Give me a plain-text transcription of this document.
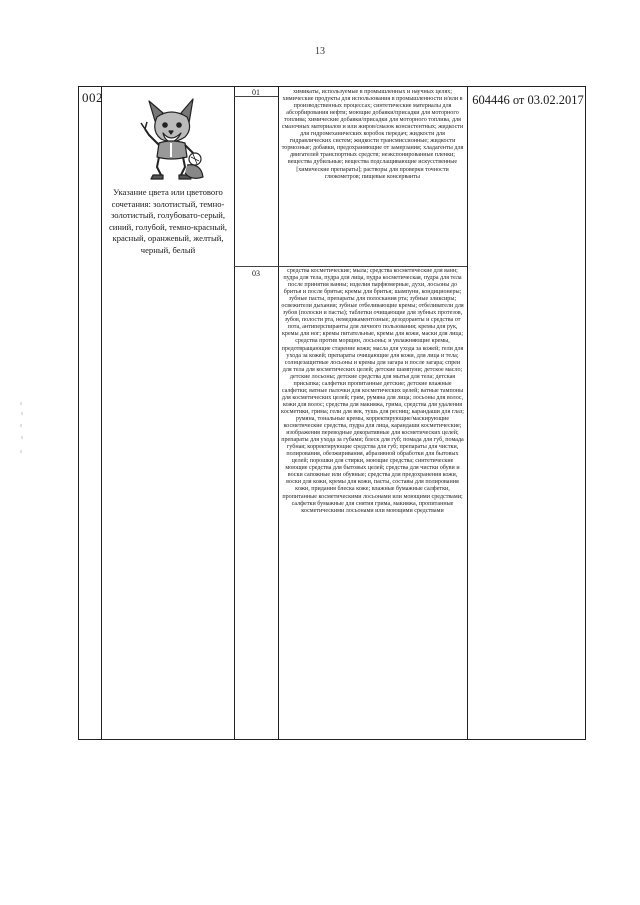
13
002
Указание цвета или цветового сочетания: золотистый, темно-золотистый, голубовато-серый, синий, голубой, темно-красный, красный, оранжевый, желтый, черный, белый
01
03
химикаты, используемые в промышленных и научных целях; химические продукты для использования в промышленности и/или в производственных процессах; синтетические материалы для абсорбирования нефти; моющие добавки/присадки для моторного топлива; химические добавки/присадки для моторного топлива, для смазочных материалов и или жиров/смазок консистентных; жидкости для гидромеханических коробок передач; жидкости для гидравлических систем; жидкости трансмиссионные; жидкости тормозные; добавки, предохраняющие от замерзания; хладагенты для двигателей транспортных средств; неэкспонированные пленки; вещества дубильные; вещества подслащивающие искусственные [химические препараты]; растворы для проверки точности глюкометров; пищевые консерванты
средства косметические; мыла; средства косметические для ванн; пудра для тела, пудра для лица, пудра косметическая, пудра для тела после принятия ванны; изделия парфюмерные, духи, лосьоны до бритья и после бритья; кремы для бритья; шампуни, кондиционеры; зубные пасты, препараты для полоскания рта; зубные эликсиры; освежители дыхания; зубные отбеливающие кремы; отбеливатели для зубов (полоски и пасты); таблетки очищающие для зубных протезов, зубов, полости рта, немедикаментозные; дезодоранты и средства от пота, антиперспиранты для личного пользования; кремы для рук, кремы для ног; кремы питательные, кремы для кожи, маски для лица; средства против морщин, лосьоны; и увлажняющие кремы, предотвращающие старение кожи; масла для ухода за кожей; гели для ухода за кожей; препараты очищающие для кожи, для лица и тела; солнцезащитные лосьоны и кремы для загара и после загара; спреи для тела для косметических целей; детские шампуни; детское масло; детские лосьоны; детские средства для мытья для тела; детская присыпка; салфетки пропитанные детские; детские влажные салфетки; ватные палочки для косметических целей; ватные тампоны для косметических целей; грим, румяна для лица; лосьоны для волос, кожи для волос; средства для макияжа, грима, средства для удаления косметики, грима; гели для век, тушь для ресниц; карандаши для глаз; румяна, тональные кремы, корректирующие/маскирующие косметические средства, пудра для лица, карандаши косметические; изображения переводные декоративные для косметических целей; препараты для ухода за губами; блеск для губ; помада для губ, помада губная; корректирующие средства для губ; препараты для чистки, полирования, обезжиривания, абразивной обработки для бытовых целей; порошки для стирки, моющие средства; синтетические моющие средства для бытовых целей; средства для чистки обуви и воски сапожные или обувные; средства для предохранения кожи, воски для кожи, кремы для кожи, пасты, составы для полирования кожи, придания блеска коже; влажные бумажные салфетки, пропитанные косметическими лосьонами или моющими средствами; салфетки бумажные для снятия грима, макияжа, пропитанные косметическими лосьонами или моющими средствами
604446 от 03.02.2017
